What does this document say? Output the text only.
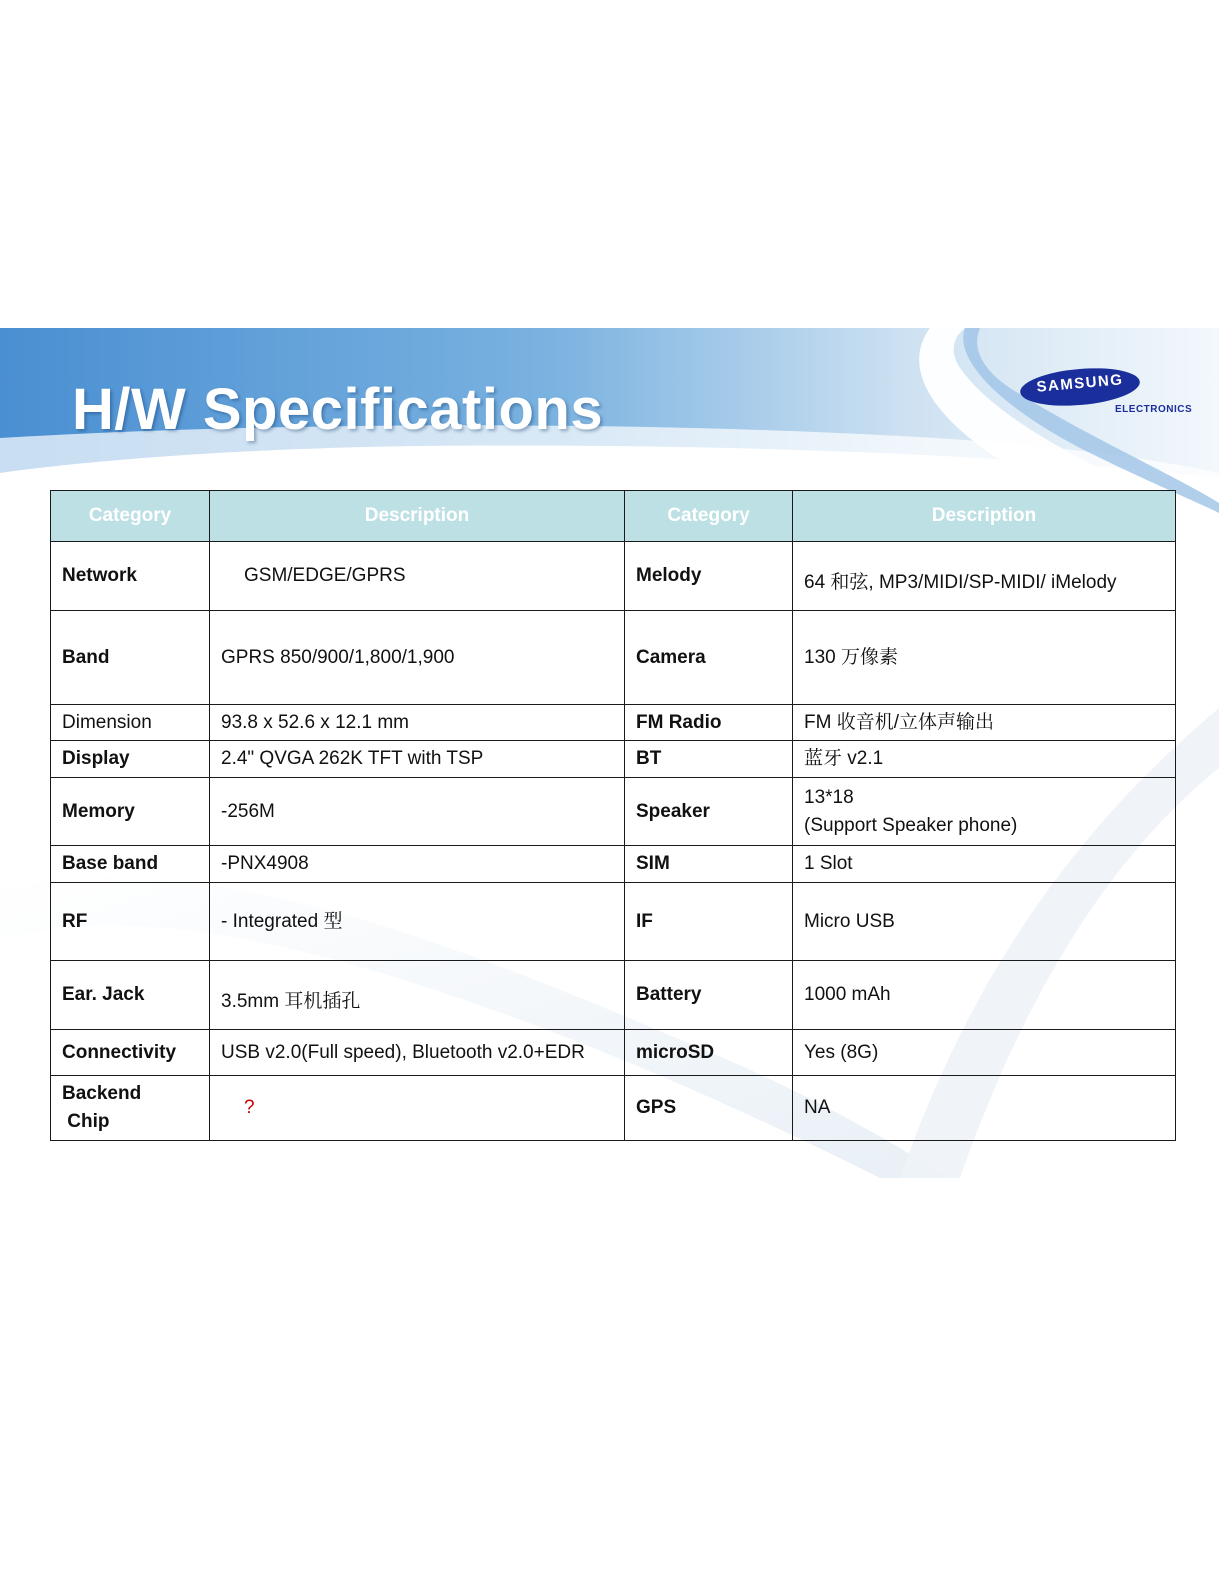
H/W Specifications	SAMSUNG
ELECTRONICS
Category	Description	Category	Description
Network	GSM/EDGE/GPRS	Melody	64 和弦, MP3/MIDI/SP-MIDI/ iMelody
Band	GPRS 850/900/1,800/1,900	Camera	130 万像素
Dimension	93.8 x 52.6 x 12.1 mm	FM Radio	FM 收音机/立体声输出
Display	2.4" QVGA 262K TFT with TSP	BT	蓝牙 v2.1
Memory	-256M	Speaker	13*18
(Support Speaker phone)

Base band	-PNX4908	SIM	1 Slot
RF	- Integrated 型	IF	Micro USB
Ear. Jack	3.5mm 耳机插孔	Battery	1000 mAh
Connectivity	USB v2.0(Full speed), Bluetooth v2.0+EDR	microSD	Yes (8G)

Backend
Chip	?	GPS	NA
